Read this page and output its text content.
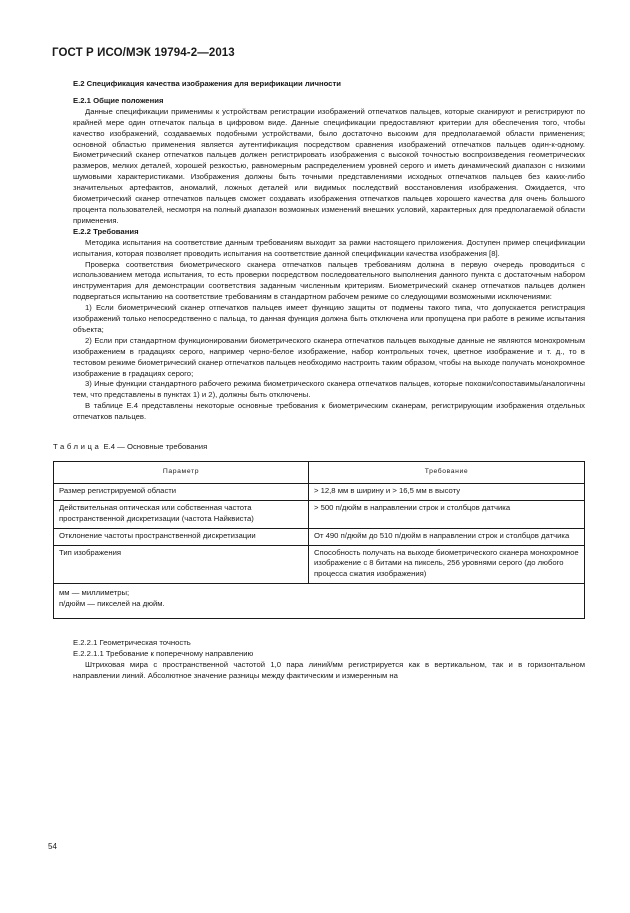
ГОСТ Р ИСО/МЭК 19794-2—2013
Е.2 Спецификация качества изображения для верификации личности
Е.2.1 Общие положения

Данные спецификации применимы к устройствам регистрации изображений отпечатков пальцев, которые сканируют и регистрируют по крайней мере один отпечаток пальца в цифровом виде. Данные спецификации предоставляют критерии для обеспечения того, чтобы качество изображений, создаваемых подобными устройствами, было достаточно высоким для предполагаемой области применения; основной областью применения является аутентификация посредством сравнения изображений отпечатков пальцев один-к-одному. Биометрический сканер отпечатков пальцев должен регистрировать изображения с высокой точностью воспроизведения геометрических размеров, мелких деталей, хорошей резкостью, равномерным распределением уровней серого и иметь динамический диапазон с низкими шумовыми характеристиками. Изображения должны быть точными представлениями исходных отпечатков пальцев без каких-либо значительных артефактов, аномалий, ложных деталей или видимых последствий восстановления изображения. Ожидается, что биометрический сканер отпечатков пальцев сможет создавать изображения отпечатков пальцев хорошего качества для очень большого процента пользователей, несмотря на полный диапазон возможных изменений внешних условий, характерных для предполагаемой области применения.

Е.2.2 Требования

Методика испытания на соответствие данным требованиям выходит за рамки настоящего приложения. Доступен пример спецификации испытания, которая позволяет проводить испытания на соответствие данной спецификации качества изображения [8].

Проверка соответствия биометрического сканера отпечатков пальцев требованиям должна в первую очередь проводиться с использованием метода испытания, то есть проверки посредством последовательного выполнения данного пункта с достаточным набором инструментария для демонстрации соответствия заданным численным критериям. Биометрический сканер отпечатков пальцев должен подвергаться испытанию на соответствие требованиям в стандартном рабочем режиме со следующими возможными исключениями:

1) Если биометрический сканер отпечатков пальцев имеет функцию защиты от подмены такого типа, что допускается регистрация изображений только непосредственно с пальца, то данная функция должна быть отключена или пропущена при работе в режиме испытания объекта;

2) Если при стандартном функционировании биометрического сканера отпечатков пальцев выходные данные не являются монохромным изображением в градациях серого, например черно-белое изображение, набор контрольных точек, цветное изображение и т. д., то в тестовом режиме биометрический сканер отпечатков пальцев необходимо настроить таким образом, чтобы на выходе получать монохромное изображение в градациях серого;

3) Иные функции стандартного рабочего режима биометрического сканера отпечатков пальцев, которые похожи/сопоставимы/аналогичны тем, что представлены в пунктах 1) и 2), должны быть отключены.

В таблице Е.4 представлены некоторые основные требования к биометрическим сканерам, регистрирующим изображения отдельных отпечатков пальцев.

Таблица Е.4 — Основные требования
Параметр	Требование
Размер регистрируемой области	> 12,8 мм в ширину и > 16,5 мм в высоту
Действительная оптическая или собственная частота пространственной дискретизации (частота Найквиста)	> 500 п/дюйм в направлении строк и столбцов датчика
Отклонение частоты пространственной дискретизации	От 490 п/дюйм до 510 п/дюйм в направлении строк и столбцов датчика
Тип изображения	Способность получать на выходе биометрического сканера монохромное изображение с 8 битами на пиксель, 256 уровнями серого (до любого процесса сжатия изображения)

мм — миллиметры;
п/дюйм — пикселей на дюйм.	
Е.2.2.1 Геометрическая точность
Е.2.2.1.1 Требование к поперечному направлению

Штриховая мира с пространственной частотой 1,0 пара линий/мм регистрируется как в вертикальном, так и в горизонтальном направлении линий. Абсолютное значение разницы между фактическим и измеренным на

54
